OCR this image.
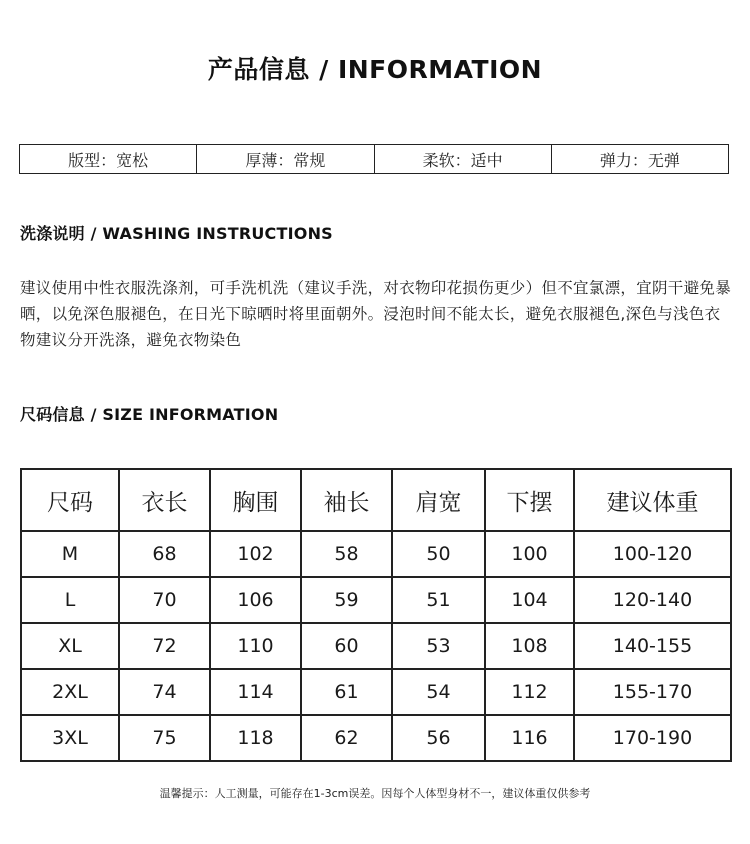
产品信息 / INFORMATION
版型：宽松	厚薄：常规	柔软：适中	弹力：无弹
洗涤说明 / WASHING INSTRUCTIONS
建议使用中性衣服洗涤剂，可手洗机洗（建议手洗，对衣物印花损伤更少）但不宜氯漂，宜阴干避免暴晒，以免深色服褪色，在日光下晾晒时将里面朝外。浸泡时间不能太长，避免衣服褪色,深色与浅色衣物建议分开洗涤，避免衣物染色
尺码信息 / SIZE INFORMATION
尺码	衣长	胸围	袖长	肩宽	下摆	建议体重
M	68	102	58	50	100	100-120
L	70	106	59	51	104	120-140
XL	72	110	60	53	108	140-155
2XL	74	114	61	54	112	155-170
3XL	75	118	62	56	116	170-190
温馨提示：人工测量，可能存在1-3cm误差。因每个人体型身材不一，建议体重仅供参考
